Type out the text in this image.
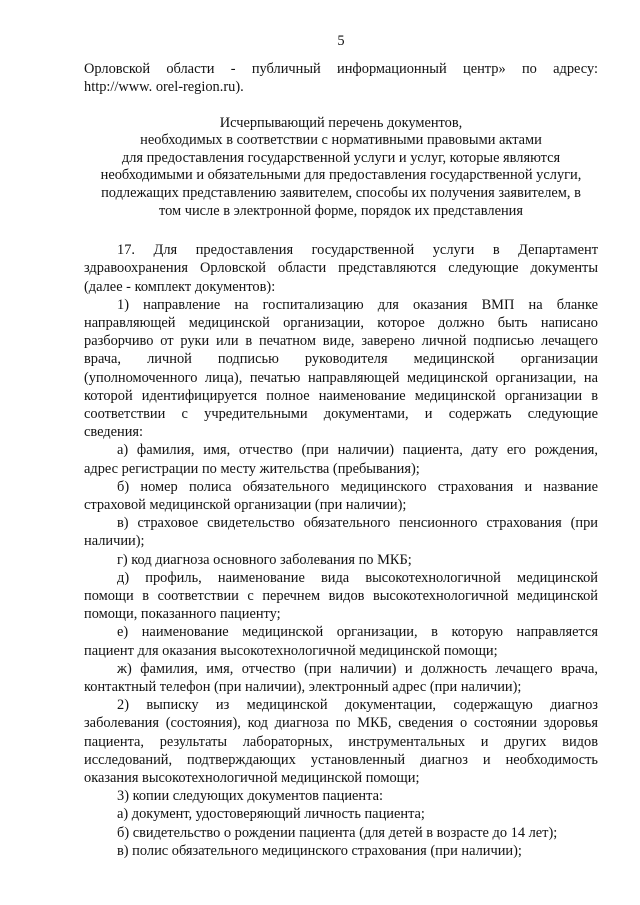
5
Орловской области - публичный информационный центр» по адресу:
http://www. orel-region.ru).
Исчерпывающий перечень документов,
необходимых в соответствии с нормативными правовыми актами
для предоставления государственной услуги и услуг, которые являются
необходимыми и обязательными для предоставления государственной услуги,
подлежащих представлению заявителем, способы их получения заявителем, в
том числе в электронной форме, порядок их представления
17. Для предоставления государственной услуги в Департамент
здравоохранения Орловской области представляются следующие документы
(далее - комплект документов):
1) направление на госпитализацию для оказания ВМП на бланке
направляющей медицинской организации, которое должно быть написано
разборчиво от руки или в печатном виде, заверено личной подписью лечащего
врача, личной подписью руководителя медицинской организации
(уполномоченного лица), печатью направляющей медицинской организации, на
которой идентифицируется полное наименование медицинской организации в
соответствии с учредительными документами, и содержать следующие
сведения:
а) фамилия, имя, отчество (при наличии) пациента, дату его рождения,
адрес регистрации по месту жительства (пребывания);
б) номер полиса обязательного медицинского страхования и название
страховой медицинской организации (при наличии);
в) страховое свидетельство обязательного пенсионного страхования (при
наличии);
г) код диагноза основного заболевания по МКБ;
д) профиль, наименование вида высокотехнологичной медицинской
помощи в соответствии с перечнем видов высокотехнологичной медицинской
помощи, показанного пациенту;
е) наименование медицинской организации, в которую направляется
пациент для оказания высокотехнологичной медицинской помощи;
ж) фамилия, имя, отчество (при наличии) и должность лечащего врача,
контактный телефон (при наличии), электронный адрес (при наличии);
2) выписку из медицинской документации, содержащую диагноз
заболевания (состояния), код диагноза по МКБ, сведения о состоянии здоровья
пациента, результаты лабораторных, инструментальных и других видов
исследований, подтверждающих установленный диагноз и необходимость
оказания высокотехнологичной медицинской помощи;
3) копии следующих документов пациента:
а) документ, удостоверяющий личность пациента;
б) свидетельство о рождении пациента (для детей в возрасте до 14 лет);
в) полис обязательного медицинского страхования (при наличии);
